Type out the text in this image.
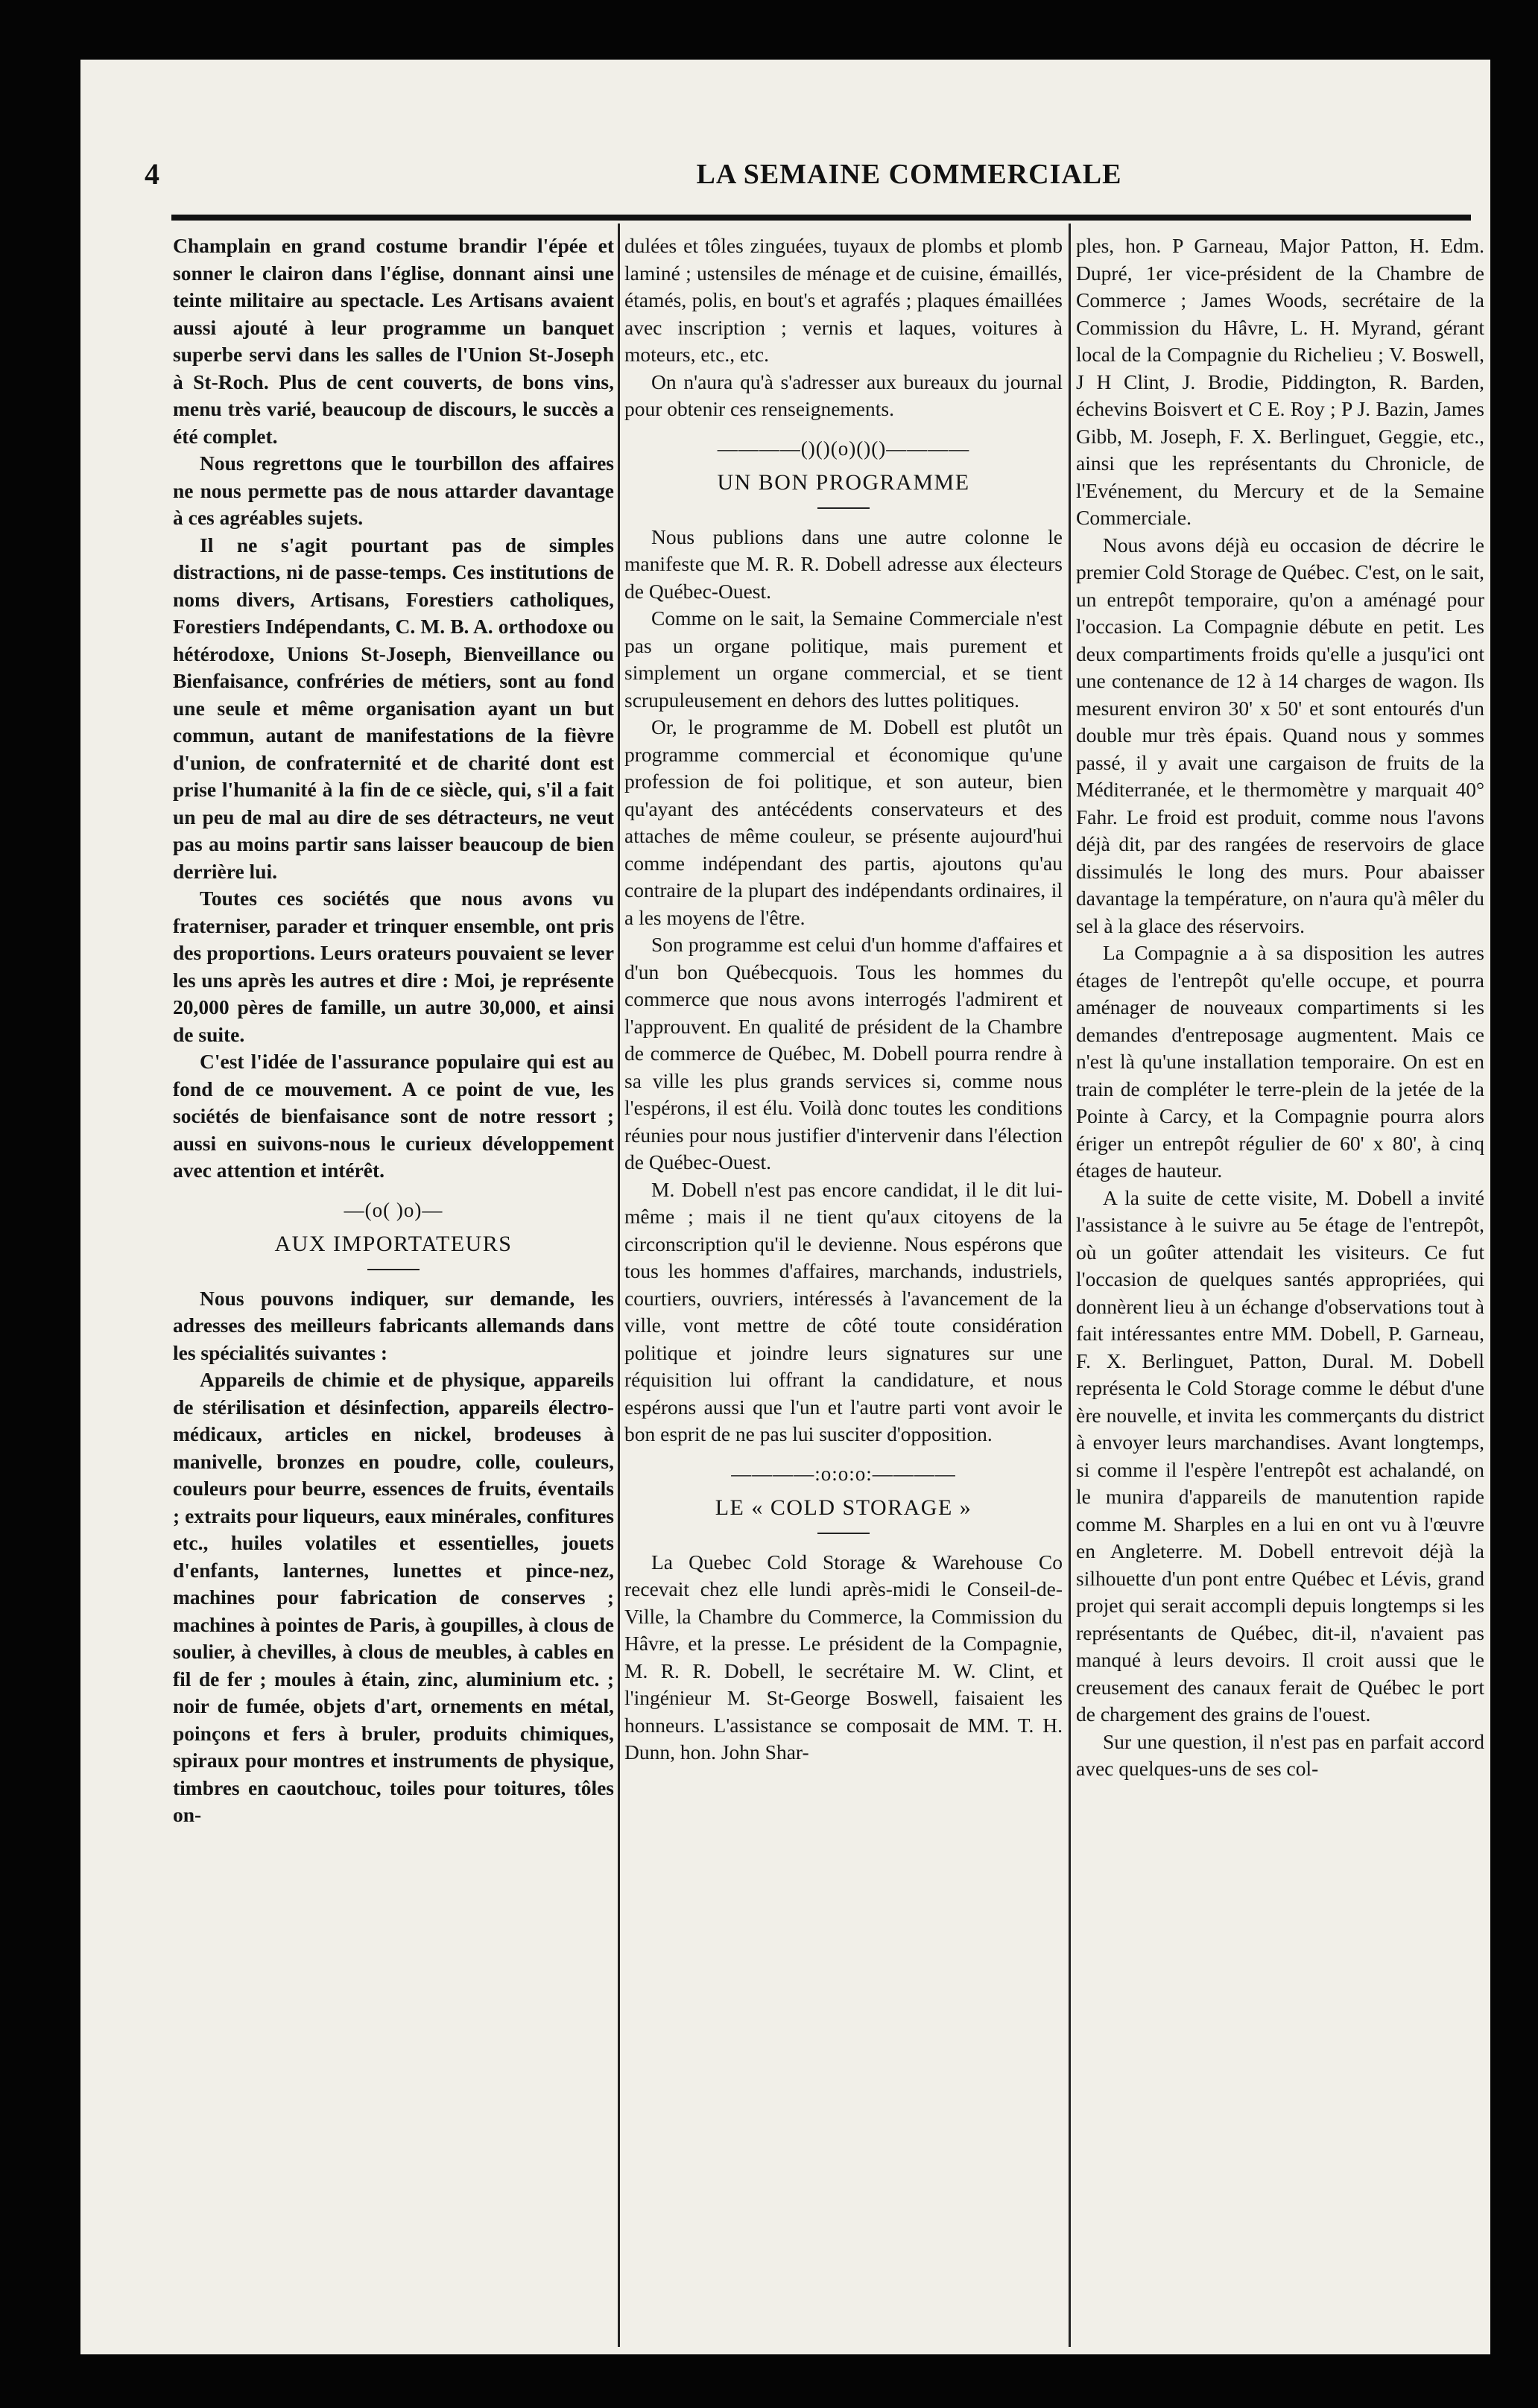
4	LA SEMAINE COMMERCIALE

Champlain en grand costume brandir l'épée et sonner le clairon dans l'église, donnant ainsi une teinte militaire au spectacle. Les Artisans avaient aussi ajouté à leur programme un banquet superbe servi dans les salles de l'Union St-Joseph à St-Roch. Plus de cent couverts, de bons vins, menu très varié, beaucoup de discours, le succès a été complet.

Nous regrettons que le tourbillon des affaires ne nous permette pas de nous attarder davantage à ces agréables sujets.

Il ne s'agit pourtant pas de simples distractions, ni de passe-temps. Ces institutions de noms divers, Artisans, Forestiers catholiques, Forestiers Indépendants, C. M. B. A. orthodoxe ou hétérodoxe, Unions St-Joseph, Bienveillance ou Bienfaisance, confréries de métiers, sont au fond une seule et même organisation ayant un but commun, autant de manifestations de la fièvre d'union, de confraternité et de charité dont est prise l'humanité à la fin de ce siècle, qui, s'il a fait un peu de mal au dire de ses détracteurs, ne veut pas au moins partir sans laisser beaucoup de bien derrière lui.

Toutes ces sociétés que nous avons vu fraterniser, parader et trinquer ensemble, ont pris des proportions. Leurs orateurs pouvaient se lever les uns après les autres et dire : Moi, je représente 20,000 pères de famille, un autre 30,000, et ainsi de suite.

C'est l'idée de l'assurance populaire qui est au fond de ce mouvement. A ce point de vue, les sociétés de bienfaisance sont de notre ressort ; aussi en suivons-nous le curieux développement avec attention et intérêt.

—(o( )o)—
AUX IMPORTATEURS

Nous pouvons indiquer, sur demande, les adresses des meilleurs fabricants allemands dans les spécialités suivantes :

Appareils de chimie et de physique, appareils de stérilisation et désinfection, appareils électro-médicaux, articles en nickel, brodeuses à manivelle, bronzes en poudre, colle, couleurs, couleurs pour beurre, essences de fruits, éventails ; extraits pour liqueurs, eaux minérales, confitures etc., huiles volatiles et essentielles, jouets d'enfants, lanternes, lunettes et pince-nez, machines pour fabrication de conserves ; machines à pointes de Paris, à goupilles, à clous de soulier, à chevilles, à clous de meubles, à cables en fil de fer ; moules à étain, zinc, aluminium etc. ; noir de fumée, objets d'art, ornements en métal, poinçons et fers à bruler, produits chimiques, spiraux pour montres et instruments de physique, timbres en caoutchouc, toiles pour toitures, tôles on-

dulées et tôles zinguées, tuyaux de plombs et plomb laminé ; ustensiles de ménage et de cuisine, émaillés, étamés, polis, en bout's et agrafés ; plaques émaillées avec inscription ; vernis et laques, voitures à moteurs, etc., etc.

On n'aura qu'à s'adresser aux bureaux du journal pour obtenir ces renseignements.

————()()(o)()()————
UN BON PROGRAMME

Nous publions dans une autre colonne le manifeste que M. R. R. Dobell adresse aux électeurs de Québec-Ouest.

Comme on le sait, la Semaine Commerciale n'est pas un organe politique, mais purement et simplement un organe commercial, et se tient scrupuleusement en dehors des luttes politiques.

Or, le programme de M. Dobell est plutôt un programme commercial et économique qu'une profession de foi politique, et son auteur, bien qu'ayant des antécédents conservateurs et des attaches de même couleur, se présente aujourd'hui comme indépendant des partis, ajoutons qu'au contraire de la plupart des indépendants ordinaires, il a les moyens de l'être.

Son programme est celui d'un homme d'affaires et d'un bon Québecquois. Tous les hommes du commerce que nous avons interrogés l'admirent et l'approuvent. En qualité de président de la Chambre de commerce de Québec, M. Dobell pourra rendre à sa ville les plus grands services si, comme nous l'espérons, il est élu. Voilà donc toutes les conditions réunies pour nous justifier d'intervenir dans l'élection de Québec-Ouest.

M. Dobell n'est pas encore candidat, il le dit lui-même ; mais il ne tient qu'aux citoyens de la circonscription qu'il le devienne. Nous espérons que tous les hommes d'affaires, marchands, industriels, courtiers, ouvriers, intéressés à l'avancement de la ville, vont mettre de côté toute considération politique et joindre leurs signatures sur une réquisition lui offrant la candidature, et nous espérons aussi que l'un et l'autre parti vont avoir le bon esprit de ne pas lui susciter d'opposition.

————:o:o:o:————
LE « COLD STORAGE »

La Quebec Cold Storage & Warehouse Co recevait chez elle lundi après-midi le Conseil-de-Ville, la Chambre du Commerce, la Commission du Hâvre, et la presse. Le président de la Compagnie, M. R. R. Dobell, le secrétaire M. W. Clint, et l'ingénieur M. St-George Boswell, faisaient les honneurs. L'assistance se composait de MM. T. H. Dunn, hon. John Shar-

ples, hon. P Garneau, Major Patton, H. Edm. Dupré, 1er vice-président de la Chambre de Commerce ; James Woods, secrétaire de la Commission du Hâvre, L. H. Myrand, gérant local de la Compagnie du Richelieu ; V. Boswell, J H Clint, J. Brodie, Piddington, R. Barden, échevins Boisvert et C E. Roy ; P J. Bazin, James Gibb, M. Joseph, F. X. Berlinguet, Geggie, etc., ainsi que les représentants du Chronicle, de l'Evénement, du Mercury et de la Semaine Commerciale.

Nous avons déjà eu occasion de décrire le premier Cold Storage de Québec. C'est, on le sait, un entrepôt temporaire, qu'on a aménagé pour l'occasion. La Compagnie débute en petit. Les deux compartiments froids qu'elle a jusqu'ici ont une contenance de 12 à 14 charges de wagon. Ils mesurent environ 30' x 50' et sont entourés d'un double mur très épais. Quand nous y sommes passé, il y avait une cargaison de fruits de la Méditerranée, et le thermomètre y marquait 40° Fahr. Le froid est produit, comme nous l'avons déjà dit, par des rangées de reservoirs de glace dissimulés le long des murs. Pour abaisser davantage la température, on n'aura qu'à mêler du sel à la glace des réservoirs.

La Compagnie a à sa disposition les autres étages de l'entrepôt qu'elle occupe, et pourra aménager de nouveaux compartiments si les demandes d'entreposage augmentent. Mais ce n'est là qu'une installation temporaire. On est en train de compléter le terre-plein de la jetée de la Pointe à Carcy, et la Compagnie pourra alors ériger un entrepôt régulier de 60' x 80', à cinq étages de hauteur.

A la suite de cette visite, M. Dobell a invité l'assistance à le suivre au 5e étage de l'entrepôt, où un goûter attendait les visiteurs. Ce fut l'occasion de quelques santés appropriées, qui donnèrent lieu à un échange d'observations tout à fait intéressantes entre MM. Dobell, P. Garneau, F. X. Berlinguet, Patton, Dural. M. Dobell représenta le Cold Storage comme le début d'une ère nouvelle, et invita les commerçants du district à envoyer leurs marchandises. Avant longtemps, si comme il l'espère l'entrepôt est achalandé, on le munira d'appareils de manutention rapide comme M. Sharples en a lui en ont vu à l'œuvre en Angleterre. M. Dobell entrevoit déjà la silhouette d'un pont entre Québec et Lévis, grand projet qui serait accompli depuis longtemps si les représentants de Québec, dit-il, n'avaient pas manqué à leurs devoirs. Il croit aussi que le creusement des canaux ferait de Québec le port de chargement des grains de l'ouest.

Sur une question, il n'est pas en parfait accord avec quelques-uns de ses col-
